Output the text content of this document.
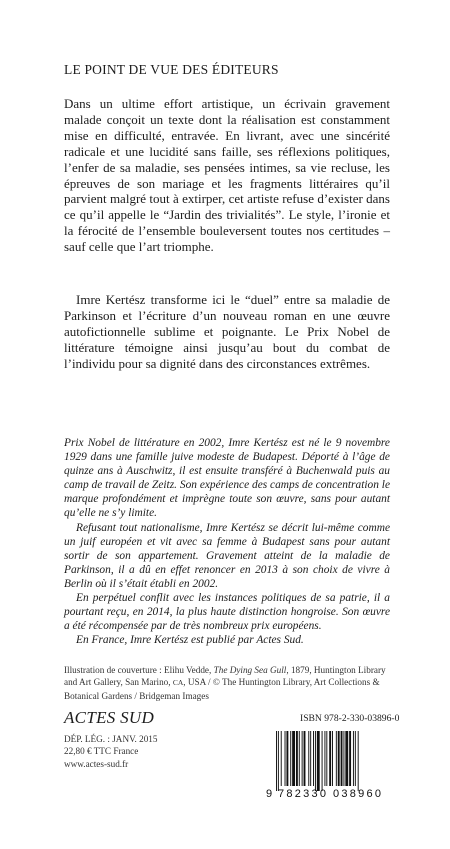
LE POINT DE VUE DES ÉDITEURS
Dans un ultime effort artistique, un écrivain gravement malade conçoit un texte dont la réalisation est constamment mise en difficulté, entravée. En livrant, avec une sincérité radicale et une lucidité sans faille, ses réflexions politiques, l’enfer de sa maladie, ses pensées intimes, sa vie recluse, les épreuves de son mariage et les fragments littéraires qu’il parvient malgré tout à extirper, cet artiste refuse d’exister dans ce qu’il appelle le “Jardin des trivialités”. Le style, l’ironie et la férocité de l’ensemble bouleversent toutes nos certitudes – sauf celle que l’art triomphe.
Imre Kertész transforme ici le “duel” entre sa maladie de Parkinson et l’écriture d’un nouveau roman en une œuvre autofictionnelle sublime et poignante. Le Prix Nobel de littérature témoigne ainsi jusqu’au bout du combat de l’individu pour sa dignité dans des circonstances extrêmes.

Prix Nobel de littérature en 2002, Imre Kertész est né le 9 novembre 1929 dans une famille juive modeste de Budapest. Déporté à l’âge de quinze ans à Auschwitz, il est ensuite transféré à Buchenwald puis au camp de travail de Zeitz. Son expérience des camps de concentration le marque profondément et imprègne toute son œuvre, sans pour autant qu’elle ne s’y limite.

Refusant tout nationalisme, Imre Kertész se décrit lui-même comme un juif européen et vit avec sa femme à Budapest sans pour autant sortir de son appartement. Gravement atteint de la maladie de Parkinson, il a dû en effet renoncer en 2013 à son choix de vivre à Berlin où il s’était établi en 2002.

En perpétuel conflit avec les instances politiques de sa patrie, il a pourtant reçu, en 2014, la plus haute distinction hongroise. Son œuvre a été récompensée par de très nombreux prix européens.

En France, Imre Kertész est publié par Actes Sud.

Illustration de couverture : Elihu Vedde, The Dying Sea Gull, 1879, Huntington Library and Art Gallery, San Marino, CA, USA / © The Huntington Library, Art Collections & Botanical Gardens / Bridgeman Images
ACTES SUD
DÉP. LÉG. : JANV. 2015
22,80 € TTC France
www.actes-sud.fr
ISBN 978-2-330-03896-0
9 782330 038960
